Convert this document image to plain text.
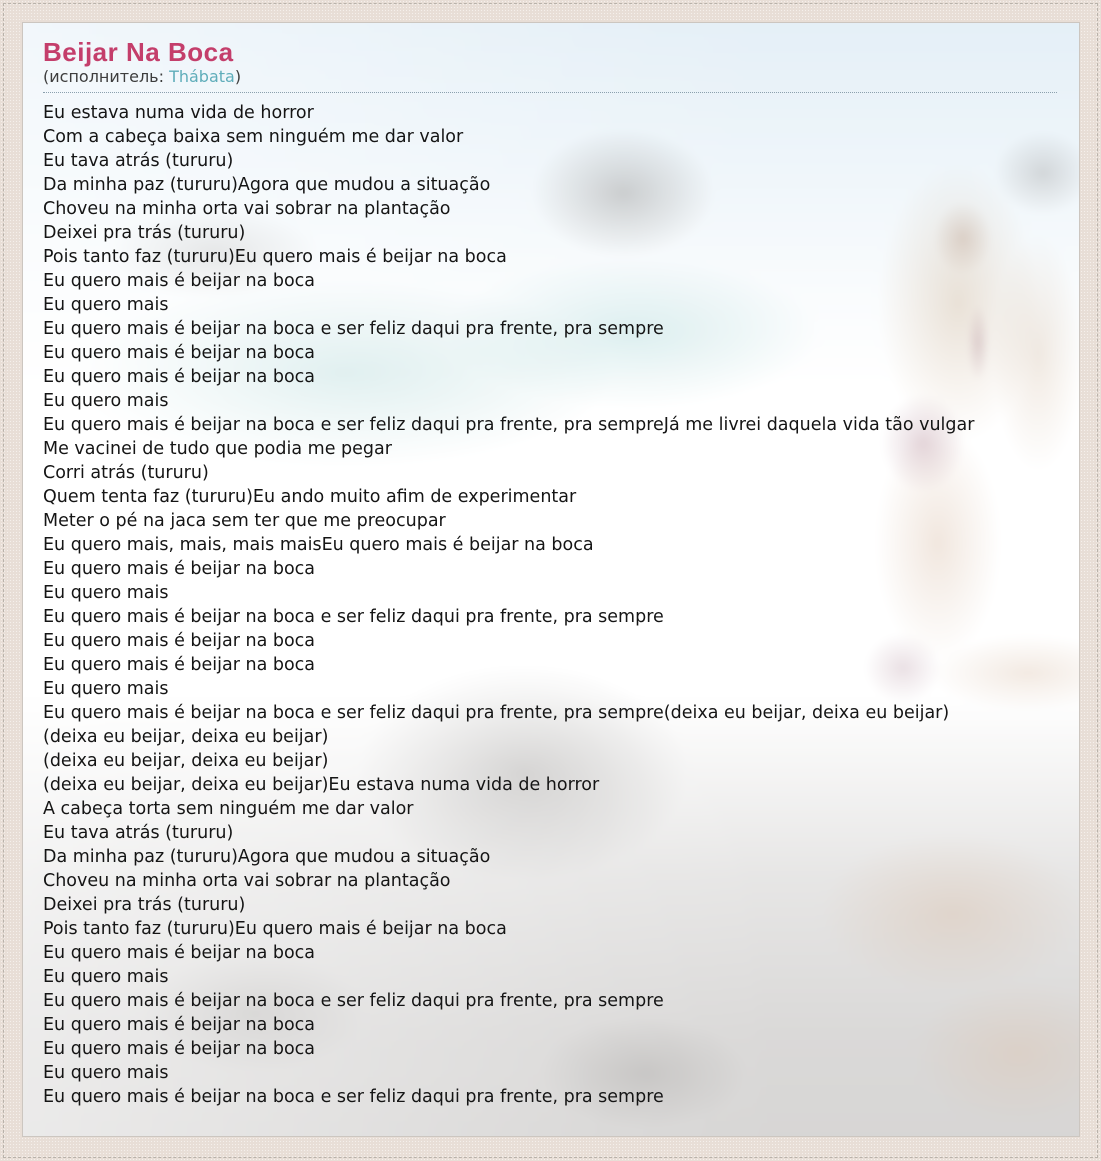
Beijar Na Boca
(исполнитель: Thábata)
Eu estava numa vida de horror
Com a cabeça baixa sem ninguém me dar valor
Eu tava atrás (tururu)
Da minha paz (tururu)Agora que mudou a situação
Choveu na minha orta vai sobrar na plantação
Deixei pra trás (tururu)
Pois tanto faz (tururu)Eu quero mais é beijar na boca
Eu quero mais é beijar na boca
Eu quero mais
Eu quero mais é beijar na boca e ser feliz daqui pra frente, pra sempre
Eu quero mais é beijar na boca
Eu quero mais é beijar na boca
Eu quero mais
Eu quero mais é beijar na boca e ser feliz daqui pra frente, pra sempreJá me livrei daquela vida tão vulgar
Me vacinei de tudo que podia me pegar
Corri atrás (tururu)
Quem tenta faz (tururu)Eu ando muito afim de experimentar
Meter o pé na jaca sem ter que me preocupar
Eu quero mais, mais, mais maisEu quero mais é beijar na boca
Eu quero mais é beijar na boca
Eu quero mais
Eu quero mais é beijar na boca e ser feliz daqui pra frente, pra sempre
Eu quero mais é beijar na boca
Eu quero mais é beijar na boca
Eu quero mais
Eu quero mais é beijar na boca e ser feliz daqui pra frente, pra sempre(deixa eu beijar, deixa eu beijar)
(deixa eu beijar, deixa eu beijar)
(deixa eu beijar, deixa eu beijar)
(deixa eu beijar, deixa eu beijar)Eu estava numa vida de horror
A cabeça torta sem ninguém me dar valor
Eu tava atrás (tururu)
Da minha paz (tururu)Agora que mudou a situação
Choveu na minha orta vai sobrar na plantação
Deixei pra trás (tururu)
Pois tanto faz (tururu)Eu quero mais é beijar na boca
Eu quero mais é beijar na boca
Eu quero mais
Eu quero mais é beijar na boca e ser feliz daqui pra frente, pra sempre
Eu quero mais é beijar na boca
Eu quero mais é beijar na boca
Eu quero mais
Eu quero mais é beijar na boca e ser feliz daqui pra frente, pra sempre
